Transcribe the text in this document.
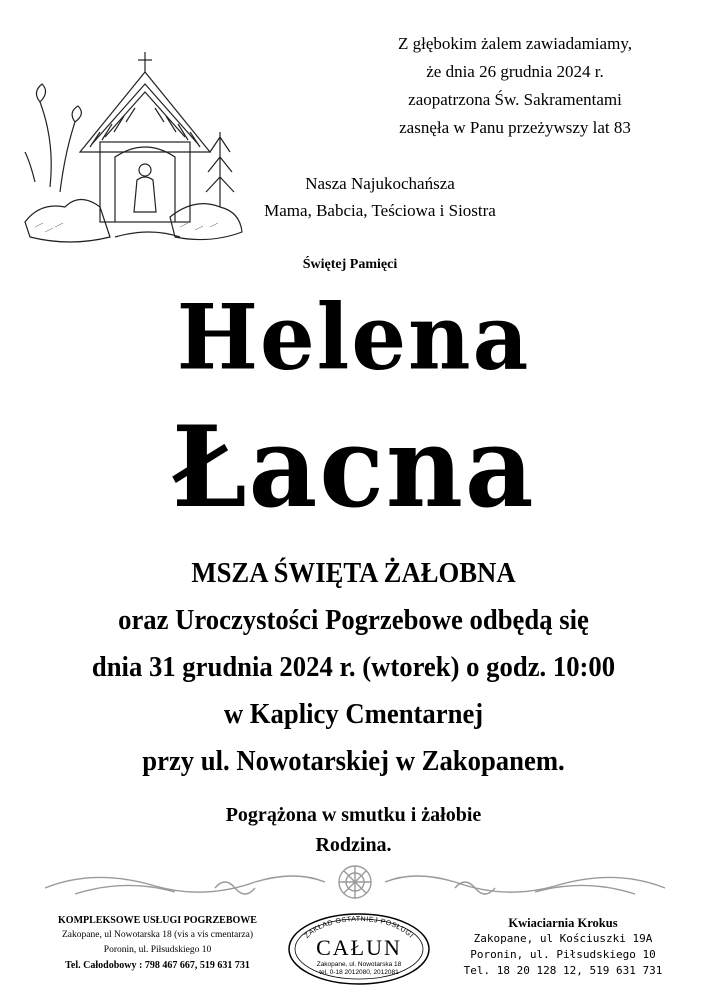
Z głębokim żalem zawiadamiamy,
że dnia 26 grudnia 2024 r.
zaopatrzona Św. Sakramentami
zasnęła w Panu przeżywszy lat 83
Nasza Najukochańsza
Mama, Babcia, Teściowa i Siostra
Świętej Pamięci
Helena
Łacna
MSZA ŚWIĘTA ŻAŁOBNA
oraz Uroczystości Pogrzebowe odbędą się
dnia 31 grudnia 2024 r. (wtorek) o godz. 10:00
w Kaplicy Cmentarnej
przy ul. Nowotarskiej w Zakopanem.
Pogrążona w smutku i żałobie
Rodzina.
KOMPLEKSOWE USŁUGI POGRZEBOWE
Zakopane, ul Nowotarska 18 (vis a vis cmentarza)
Poronin, ul. Piłsudskiego 10
Tel. Całodobowy : 798 467 667, 519 631 731
ZAKŁAD OSTATNIEJ POSŁUGI
CAŁUN
Zakopane, ul. Nowotarska 18
tel. 0-18 2012080, 2012081
Kwiaciarnia Krokus
Zakopane, ul Kościuszki 19A
Poronin, ul. Piłsudskiego 10
Tel. 18 20 128 12, 519 631 731
